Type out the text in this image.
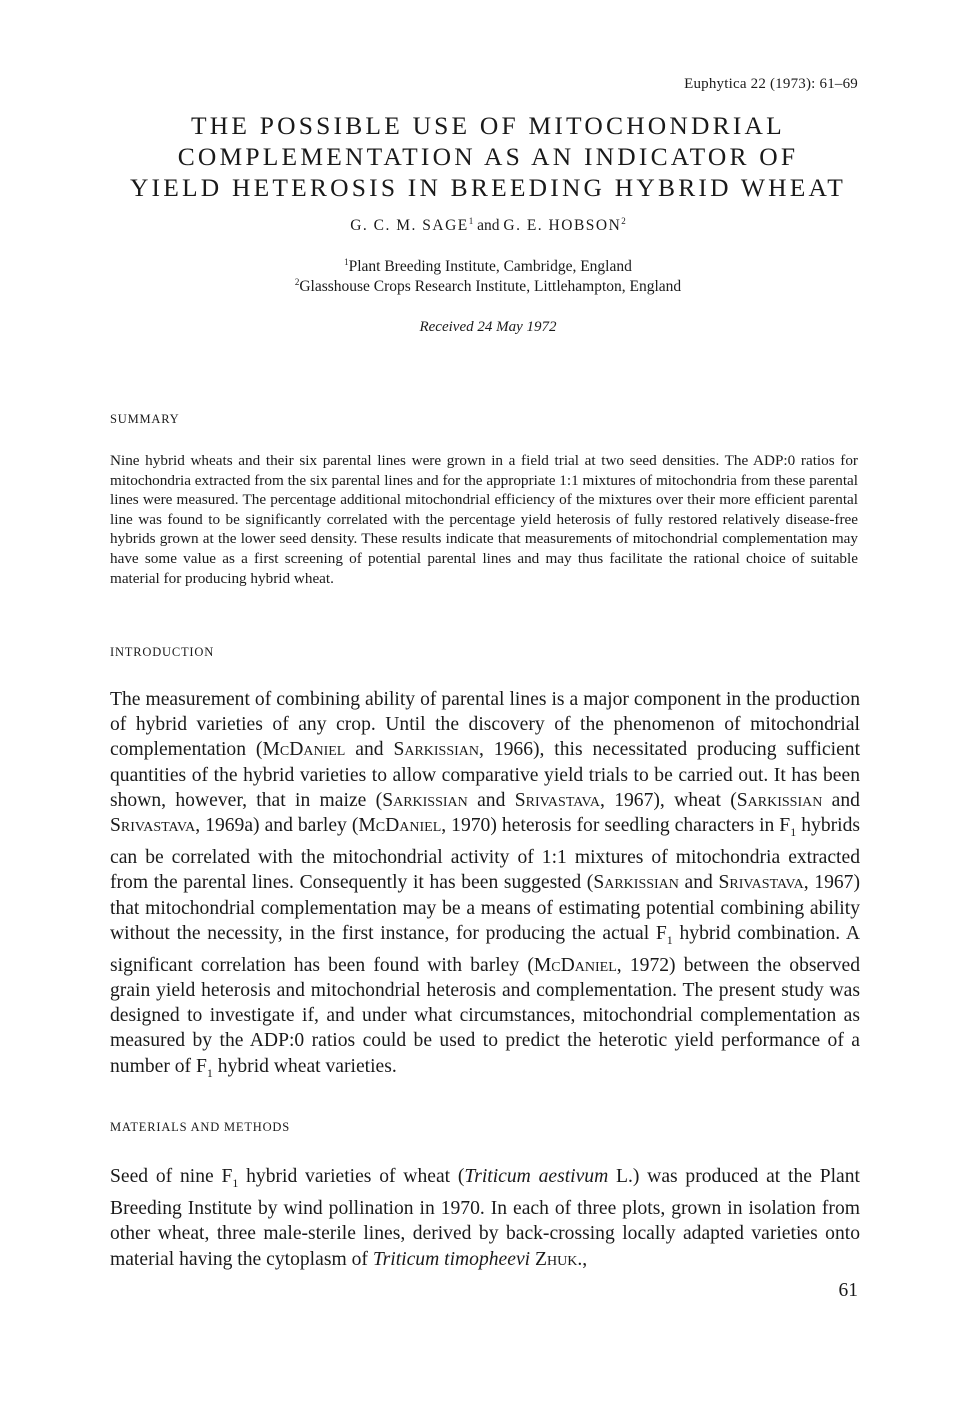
Euphytica 22 (1973): 61–69
THE POSSIBLE USE OF MITOCHONDRIAL
COMPLEMENTATION AS AN INDICATOR OF
YIELD HETEROSIS IN BREEDING HYBRID WHEAT
G. C. M. SAGE$^1$ and G. E. HOBSON$^2$
$^1$Plant Breeding Institute, Cambridge, England
$^2$Glasshouse Crops Research Institute, Littlehampton, England
Received 24 May 1972
SUMMARY
Nine hybrid wheats and their six parental lines were grown in a field trial at two seed densities. The ADP:0 ratios for mitochondria extracted from the six parental lines and for the appropriate 1:1 mixtures of mitochondria from these parental lines were measured. The percentage additional mitochondrial efficiency of the mixtures over their more efficient parental line was found to be significantly correlated with the percentage yield heterosis of fully restored relatively disease-free hybrids grown at the lower seed density. These results indicate that measurements of mitochondrial complementation may have some value as a first screening of potential parental lines and may thus facilitate the rational choice of suitable material for producing hybrid wheat.
INTRODUCTION
The measurement of combining ability of parental lines is a major component in the production of hybrid varieties of any crop. Until the discovery of the phenomenon of mitochondrial complementation (McDaniel and Sarkissian, 1966), this necessitated producing sufficient quantities of the hybrid varieties to allow comparative yield trials to be carried out. It has been shown, however, that in maize (Sarkissian and Srivastava, 1967), wheat (Sarkissian and Srivastava, 1969a) and barley (McDaniel, 1970) heterosis for seedling characters in $F_1$ hybrids can be correlated with the mitochondrial activity of 1:1 mixtures of mitochondria extracted from the parental lines. Consequently it has been suggested (Sarkissian and Srivastava, 1967) that mitochondrial complementation may be a means of estimating potential combining ability without the necessity, in the first instance, for producing the actual $F_1$ hybrid combination. A significant correlation has been found with barley (McDaniel, 1972) between the observed grain yield heterosis and mitochondrial heterosis and complementation. The present study was designed to investigate if, and under what circumstances, mitochondrial complementation as measured by the ADP:0 ratios could be used to predict the heterotic yield performance of a number of $F_1$ hybrid wheat varieties.
MATERIALS AND METHODS
Seed of nine $F_1$ hybrid varieties of wheat (Triticum aestivum L.) was produced at the Plant Breeding Institute by wind pollination in 1970. In each of three plots, grown in isolation from other wheat, three male-sterile lines, derived by back-crossing locally adapted varieties onto material having the cytoplasm of Triticum timopheevi Zhuk.,
61
